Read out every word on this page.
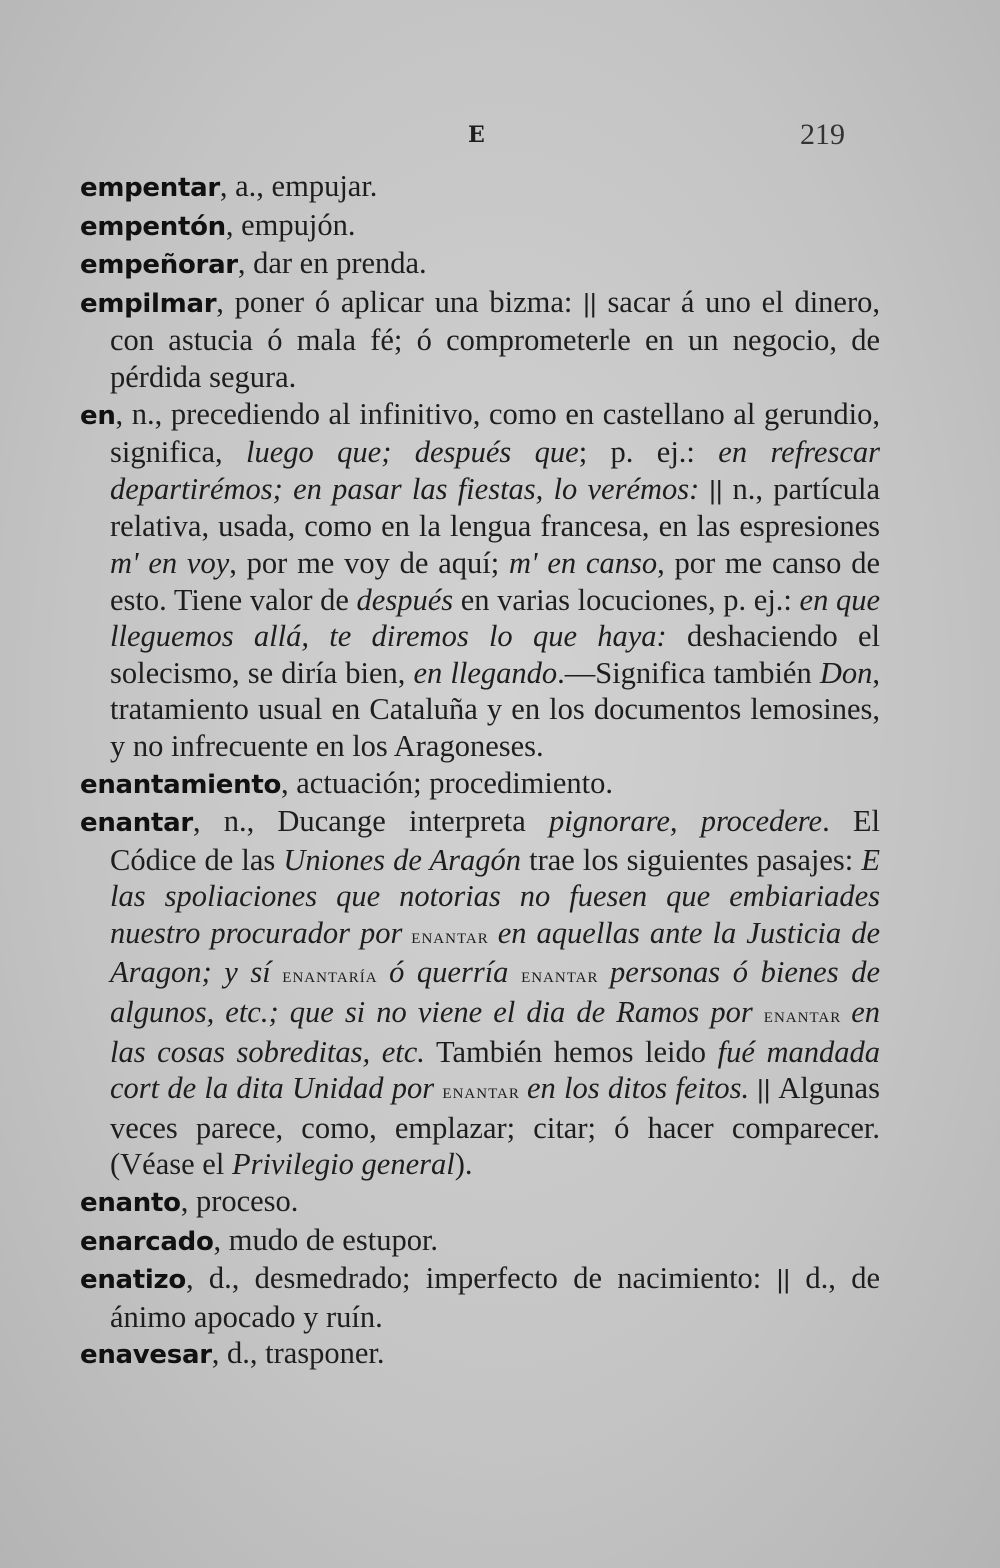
E	219

empentar, a., empujar.

empentón, empujón.

empeñorar, dar en prenda.

empilmar, poner ó aplicar una bizma: || sacar á uno el dinero, con astucia ó mala fé; ó comprometerle en un negocio, de pérdida segura.

en, n., precediendo al infinitivo, como en castellano al gerundio, significa, luego que; después que; p. ej.: en refrescar departirémos; en pasar las fiestas, lo verémos: || n., partícula relativa, usada, como en la lengua francesa, en las espresiones m' en voy, por me voy de aquí; m' en canso, por me canso de esto. Tiene valor de después en varias locuciones, p. ej.: en que lleguemos allá, te diremos lo que haya: deshaciendo el solecismo, se diría bien, en llegando.—Significa también Don, tratamiento usual en Cataluña y en los documentos lemosines, y no infrecuente en los Aragoneses.

enantamiento, actuación; procedimiento.

enantar, n., Ducange interpreta pignorare, procedere. El Códice de las Uniones de Aragón trae los siguientes pasajes: E las spoliaciones que notorias no fuesen que embiariades nuestro procurador por enantar en aquellas ante la Justicia de Aragon; y sí enantaría ó querría enantar personas ó bienes de algunos, etc.; que si no viene el dia de Ramos por enantar en las cosas sobreditas, etc. También hemos leido fué mandada cort de la dita Unidad por enantar en los ditos feitos. || Algunas veces parece, como, emplazar; citar; ó hacer comparecer. (Véase el Privilegio general).

enanto, proceso.

enarcado, mudo de estupor.

enatizo, d., desmedrado; imperfecto de nacimiento: || d., de ánimo apocado y ruín.

enavesar, d., trasponer.
